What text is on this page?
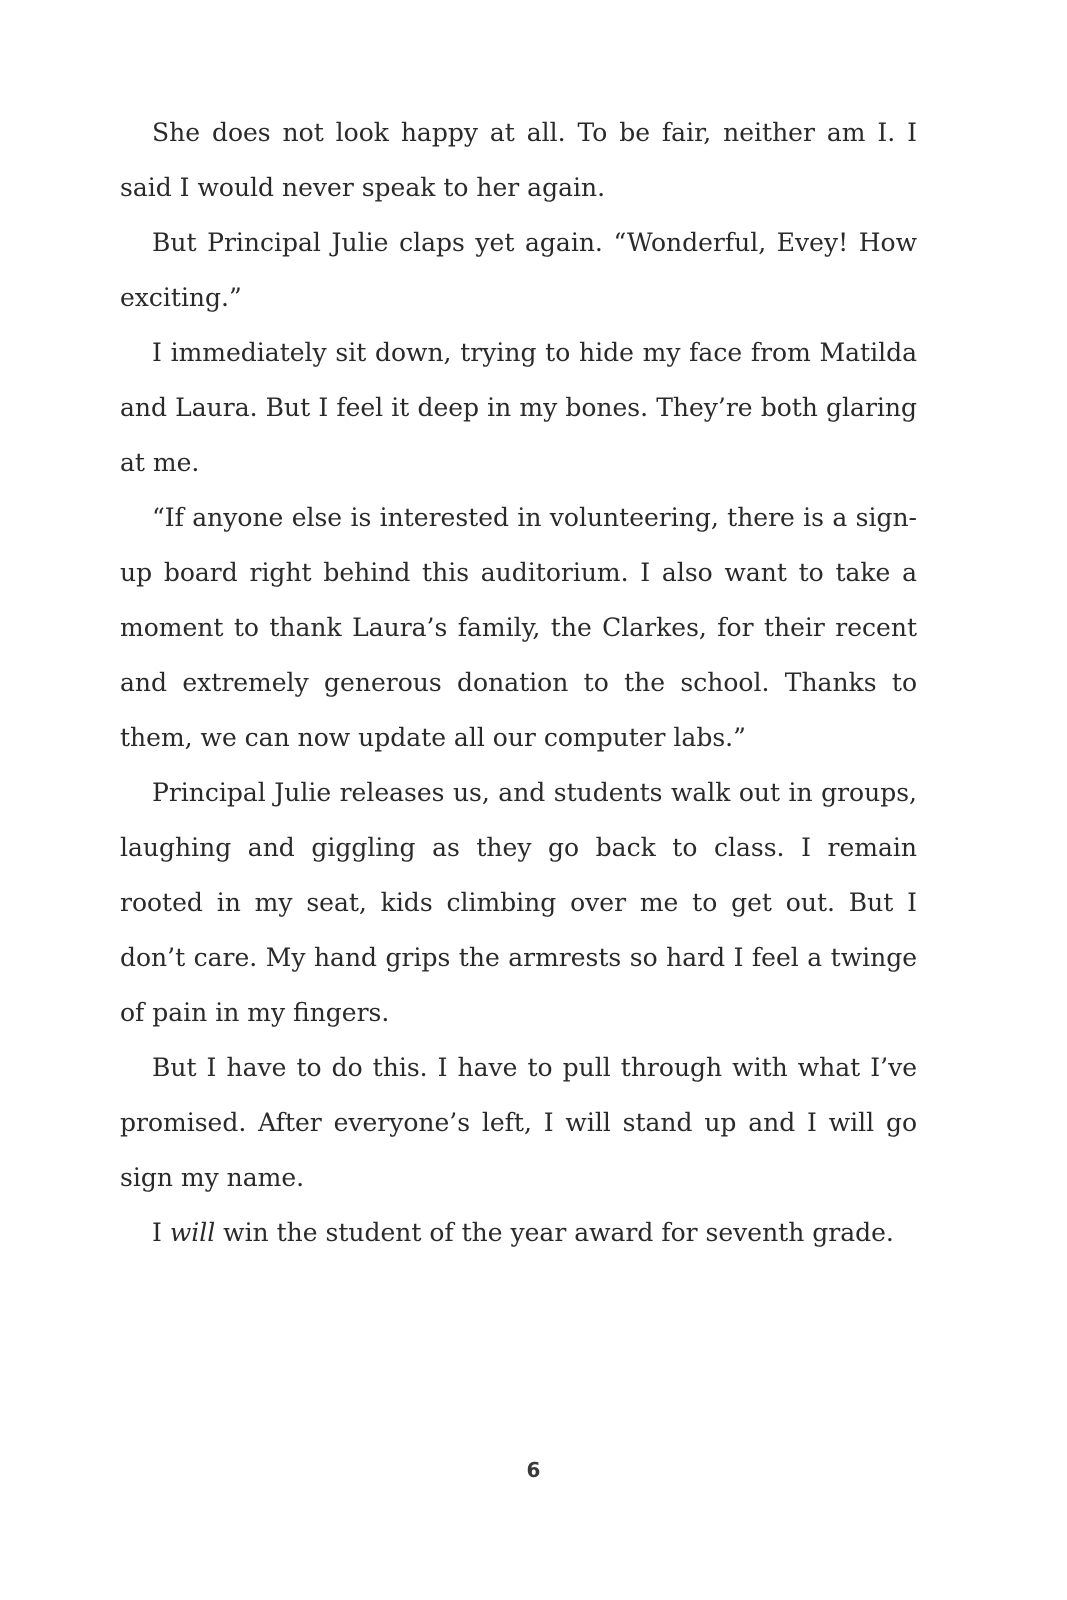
She does not look happy at all. To be fair, neither am I. I said I would never speak to her again.

But Principal Julie claps yet again. “Wonderful, Evey! How exciting.”

I immediately sit down, trying to hide my face from Matilda and Laura. But I feel it deep in my bones. They’re both glaring at me.

“If anyone else is interested in volunteering, there is a sign-up board right behind this auditorium. I also want to take a moment to thank Laura’s family, the Clarkes, for their recent and extremely generous donation to the school. Thanks to them, we can now update all our computer labs.”

Principal Julie releases us, and students walk out in groups, laughing and giggling as they go back to class. I remain rooted in my seat, kids climbing over me to get out. But I don’t care. My hand grips the armrests so hard I feel a twinge of pain in my fingers.

But I have to do this. I have to pull through with what I’ve promised. After everyone’s left, I will stand up and I will go sign my name.

I will win the student of the year award for seventh grade.

6
